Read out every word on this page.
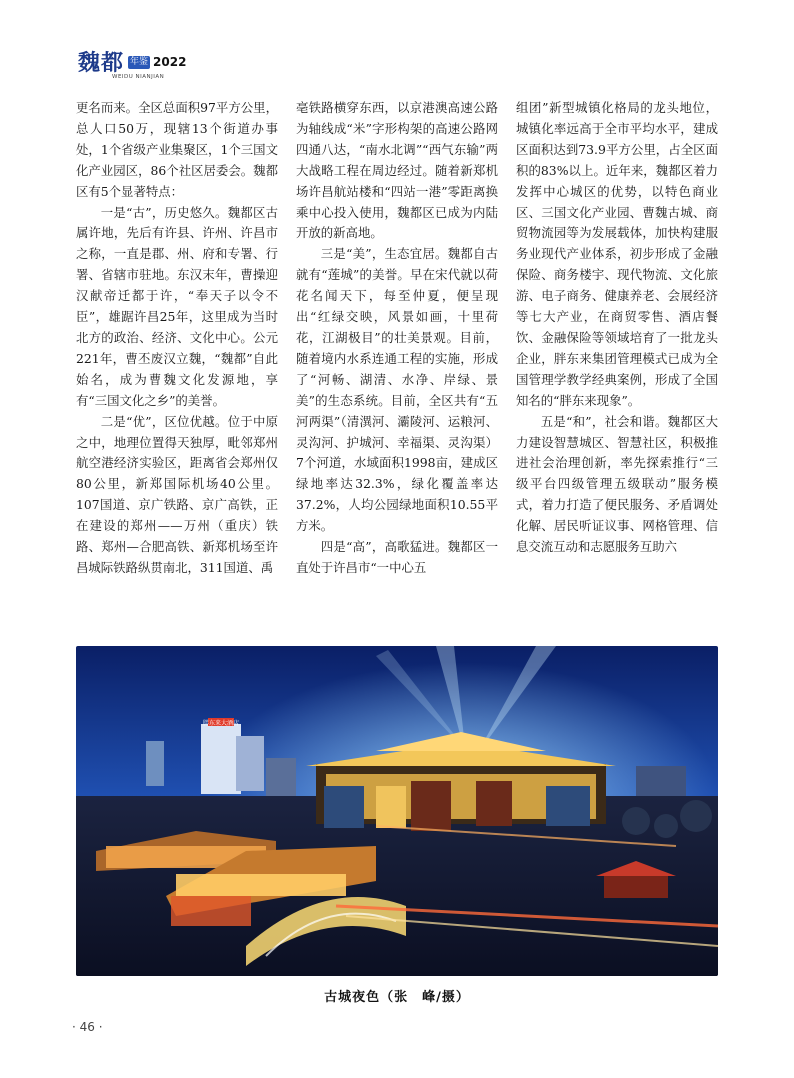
魏都 年鉴 2022
WEIDU NIANJIAN

更名而来。全区总面积97平方公里，总人口50万，现辖13个街道办事处，1个省级产业集聚区，1个三国文化产业园区，86个社区居委会。魏都区有5个显著特点：

一是“古”，历史悠久。魏都区古属许地，先后有许县、许州、许昌市之称，一直是郡、州、府和专署、行署、省辖市驻地。东汉末年，曹操迎汉献帝迁都于许，“奉天子以令不臣”，雄踞许昌25年，这里成为当时北方的政治、经济、文化中心。公元221年，曹丕废汉立魏，“魏都”自此始名，成为曹魏文化发源地，享有“三国文化之乡”的美誉。

二是“优”，区位优越。位于中原之中，地理位置得天独厚，毗邻郑州航空港经济实验区，距离省会郑州仅80公里，新郑国际机场40公里。107国道、京广铁路、京广高铁，正在建设的郑州——万州（重庆）铁路、郑州—合肥高铁、新郑机场至许昌城际铁路纵贯南北，311国道、禹

亳铁路横穿东西，以京港澳高速公路为轴线成“米”字形构架的高速公路网四通八达，“南水北调”“西气东输”两大战略工程在周边经过。随着新郑机场许昌航站楼和“四站一港”零距离换乘中心投入使用，魏都区已成为内陆开放的新高地。

三是“美”，生态宜居。魏都自古就有“莲城”的美誉。早在宋代就以荷花名闻天下，每至仲夏，便呈现出“红绿交映，风景如画，十里荷花，江湖极目”的壮美景观。目前，随着境内水系连通工程的实施，形成了“河畅、湖清、水净、岸绿、景美”的生态系统。目前，全区共有“五河两渠”（清潩河、灞陵河、运粮河、灵沟河、护城河、幸福渠、灵沟渠）7个河道，水域面积1998亩，建成区绿地率达32.3%，绿化覆盖率达37.2%，人均公园绿地面积10.55平方米。

四是“高”，高歌猛进。魏都区一直处于许昌市“一中心五

组团”新型城镇化格局的龙头地位，城镇化率远高于全市平均水平，建成区面积达到73.9平方公里，占全区面积的83%以上。近年来，魏都区着力发挥中心城区的优势，以特色商业区、三国文化产业园、曹魏古城、商贸物流园等为发展载体，加快构建服务业现代产业体系，初步形成了金融保险、商务楼宇、现代物流、文化旅游、电子商务、健康养老、会展经济等七大产业，在商贸零售、酒店餐饮、金融保险等领域培育了一批龙头企业，胖东来集团管理模式已成为全国管理学教学经典案例，形成了全国知名的“胖东来现象”。

五是“和”，社会和谐。魏都区大力建设智慧城区、智慧社区，积极推进社会治理创新，率先探索推行“三级平台四级管理五级联动”服务模式，着力打造了便民服务、矛盾调处化解、居民听证议事、网格管理、信息交流互动和志愿服务互助六

胖东来大酒店
古城夜色（张　峰/摄）
· 46 ·
